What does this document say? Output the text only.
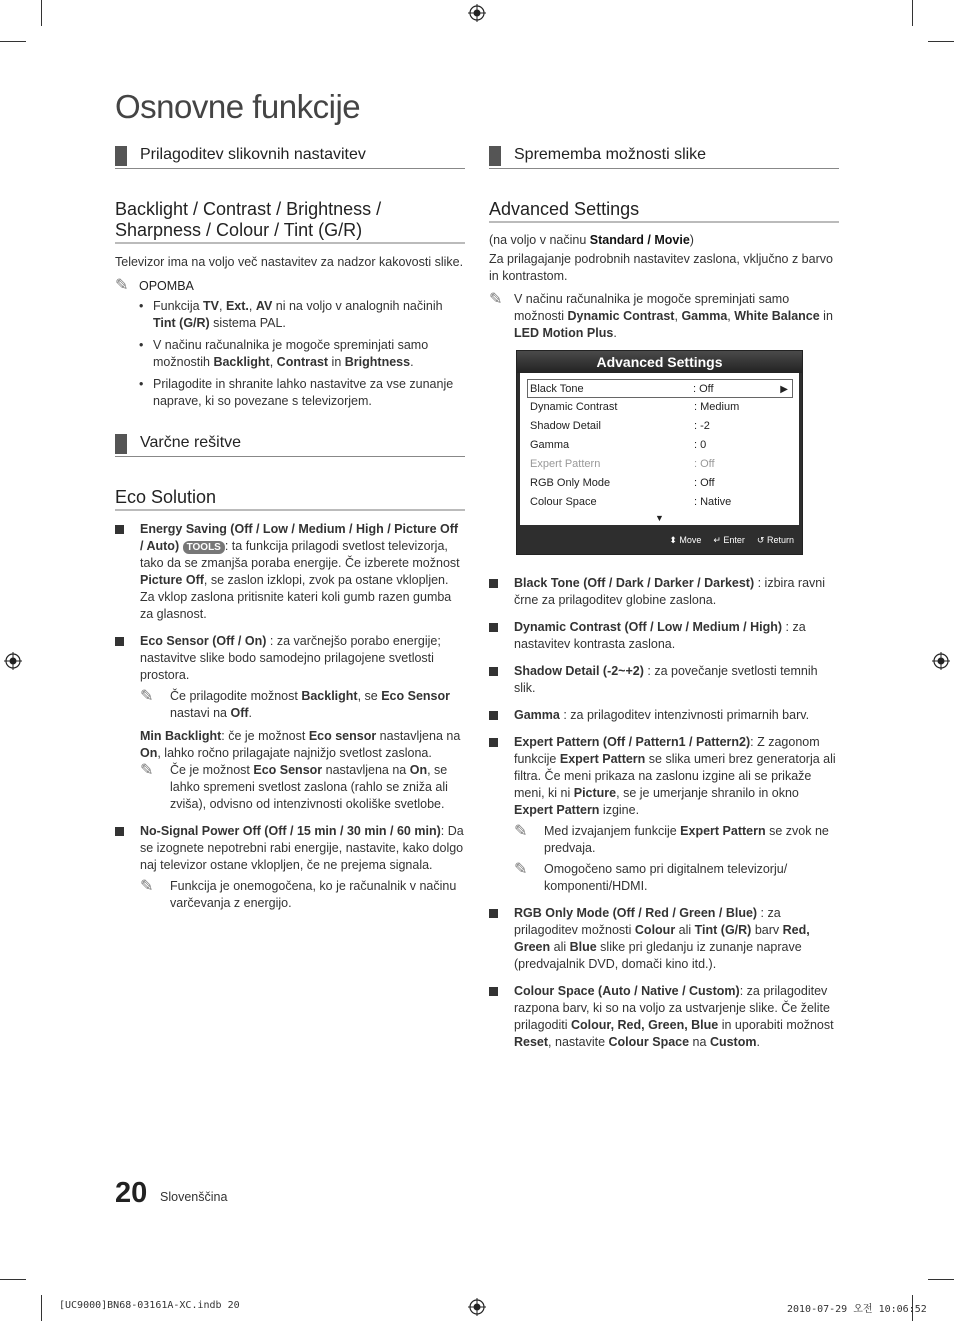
Osnovne funkcije
Prilagoditev slikovnih nastavitev
Backlight / Contrast / Brightness /
Sharpness / Colour / Tint (G/R)

Televizor ima na voljo več nastavitev za nadzor kakovosti slike.

✎ OPOMBA
• Funkcija TV, Ext., AV ni na voljo v analognih načinih Tint (G/R) sistema PAL.
• V načinu računalnika je mogoče spreminjati samo možnostih Backlight, Contrast in Brightness.
• Prilagodite in shranite lahko nastavitve za vse zunanje naprave, ki so povezane s televizorjem.
Varčne rešitve
Eco Solution
Energy Saving (Off / Low / Medium / High / Picture Off / Auto) TOOLS : ta funkcija prilagodi svetlost televizorja, tako da se zmanjša poraba energije. Če izberete možnost Picture Off, se zaslon izklopi, zvok pa ostane vklopljen. Za vklop zaslona pritisnite kateri koli gumb razen gumba za glasnost.
Eco Sensor (Off / On) : za varčnejšo porabo energije; nastavitve slike bodo samodejno prilagojene svetlosti prostora.
✎	Če prilagodite možnost Backlight, se Eco Sensor nastavi na Off.
Min Backlight: če je možnost Eco sensor nastavljena na On, lahko ročno prilagajate najnižjo svetlost zaslona.
✎	Če je možnost Eco Sensor nastavljena na On, se lahko spremeni svetlost zaslona (rahlo se zniža ali zviša), odvisno od intenzivnosti okoliške svetlobe.
No-Signal Power Off (Off / 15 min / 30 min / 60 min): Da se izognete nepotrebni rabi energije, nastavite, kako dolgo naj televizor ostane vklopljen, če ne prejema signala.
✎	Funkcija je onemogočena, ko je računalnik v načinu varčevanja z energijo.
Sprememba možnosti slike
Advanced Settings

(na voljo v načinu Standard / Movie)

Za prilagajanje podrobnih nastavitev zaslona, vključno z barvo in kontrastom.

✎ V načinu računalnika je mogoče spreminjati samo možnosti Dynamic Contrast, Gamma, White Balance in LED Motion Plus.
Advanced Settings
Black Tone	: Off	▶
Dynamic Contrast	: Medium
Shadow Detail	: -2
Gamma	: 0
Expert Pattern	: Off
RGB Only Mode	: Off
Colour Space	: Native
▼
⬍ Move ↵ Enter ↺ Return
Black Tone (Off / Dark / Darker / Darkest) : izbira ravni črne za prilagoditev globine zaslona.
Dynamic Contrast (Off / Low / Medium / High) : za nastavitev kontrasta zaslona.
Shadow Detail (-2~+2) : za povečanje svetlosti temnih slik.
Gamma : za prilagoditev intenzivnosti primarnih barv.
Expert Pattern (Off / Pattern1 / Pattern2): Z zagonom funkcije Expert Pattern se slika umeri brez generatorja ali filtra. Če meni prikaza na zaslonu izgine ali se prikaže meni, ki ni Picture, se je umerjanje shranilo in okno Expert Pattern izgine.
✎	Med izvajanjem funkcije Expert Pattern se zvok ne predvaja.
✎	Omogočeno samo pri digitalnem televizorju/ komponenti/HDMI.
RGB Only Mode (Off / Red / Green / Blue) : za prilagoditev možnosti Colour ali Tint (G/R) barv Red, Green ali Blue slike pri gledanju iz zunanje naprave (predvajalnik DVD, domači kino itd.).
Colour Space (Auto / Native / Custom): za prilagoditev razpona barv, ki so na voljo za ustvarjenje slike. Če želite prilagoditi Colour, Red, Green, Blue in uporabiti možnost Reset, nastavite Colour Space na Custom.
20 Slovenščina
[UC9000]BN68-03161A-XC.indb 20	2010-07-29 오전 10:06:52
